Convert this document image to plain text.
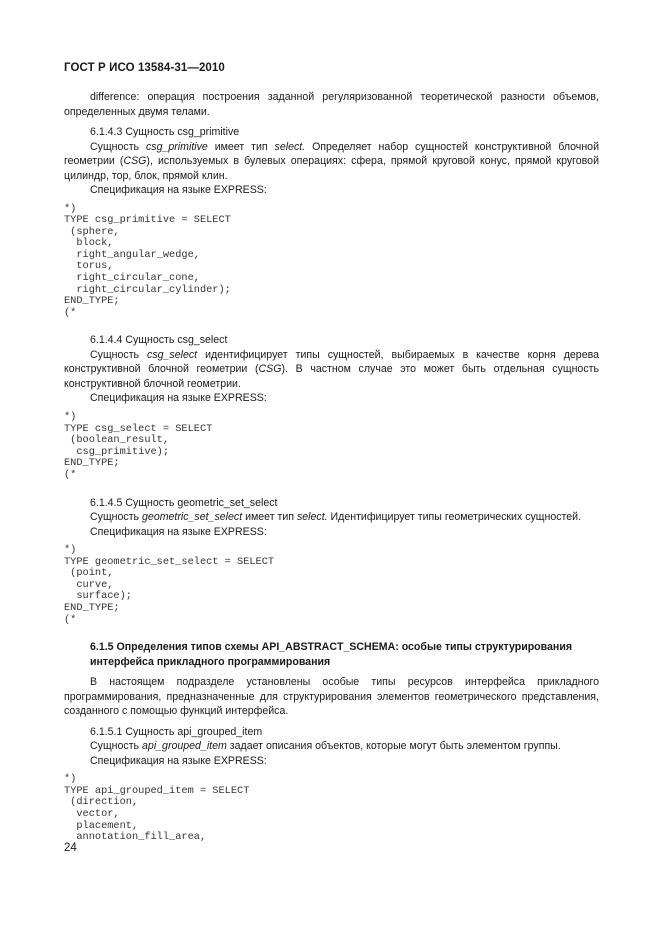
ГОСТ Р ИСО 13584-31—2010

difference: операция построения заданной регуляризованной теоретической разности объемов, определенных двумя телами.

6.1.4.3 Сущность csg_primitive

Сущность csg_primitive имеет тип select. Определяет набор сущностей конструктивной блочной геометрии (CSG), используемых в булевых операциях: сфера, прямой круговой конус, прямой круговой цилиндр, тор, блок, прямой клин.

Спецификация на языке EXPRESS:

*)
TYPE csg_primitive = SELECT
(sphere,
block,
right_angular_wedge,
torus,
right_circular_cone,
right_circular_cylinder);
END_TYPE;
(*

6.1.4.4 Сущность csg_select

Сущность csg_select идентифицирует типы сущностей, выбираемых в качестве корня дерева конструктивной блочной геометрии (CSG). В частном случае это может быть отдельная сущность конструктивной блочной геометрии.

Спецификация на языке EXPRESS:

*)
TYPE csg_select = SELECT
(boolean_result,
csg_primitive);
END_TYPE;
(*

6.1.4.5 Сущность geometric_set_select

Сущность geometric_set_select имеет тип select. Идентифицирует типы геометрических сущностей.

Спецификация на языке EXPRESS:

*)
TYPE geometric_set_select = SELECT
(point,
curve,
surface);
END_TYPE;
(*

6.1.5 Определения типов схемы API_ABSTRACT_SCHEMA: особые типы структурирования интерфейса прикладного программирования

В настоящем подразделе установлены особые типы ресурсов интерфейса прикладного программирования, предназначенные для структурирования элементов геометрического представления, созданного с помощью функций интерфейса.

6.1.5.1 Сущность api_grouped_item

Сущность api_grouped_item задает описания объектов, которые могут быть элементом группы.

Спецификация на языке EXPRESS:

*)
TYPE api_grouped_item = SELECT
(direction,
vector,
placement,
annotation_fill_area,
24
